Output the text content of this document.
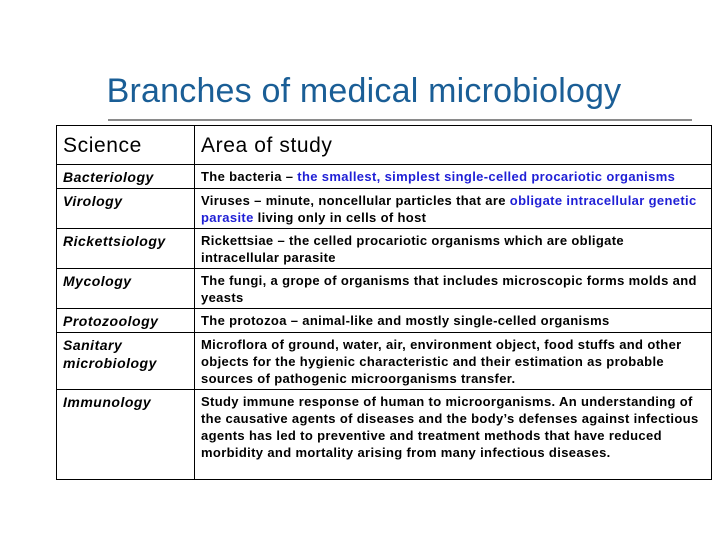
Branches of medical microbiology
Science	Area of study
Bacteriology	The bacteria – the smallest, simplest single-celled procariotic organisms
Virology	Viruses – minute, noncellular particles that are obligate intracellular genetic parasite living only in cells of host
Rickettsiology	Rickettsiae – the celled procariotic organisms which are obligate intracellular parasite
Mycology	The fungi, a grope of organisms that includes microscopic forms molds and yeasts
Protozoology	The protozoa – animal-like and mostly single-celled organisms
Sanitary microbiology	Microflora of ground, water, air, environment object, food stuffs and other objects for the hygienic characteristic and their estimation as probable sources of pathogenic microorganisms transfer.
Immunology	Study immune response of human to microorganisms. An understanding of the causative agents of diseases and the body’s defenses against infectious agents has led to preventive and treatment methods that have reduced morbidity and mortality arising from many infectious diseases.
